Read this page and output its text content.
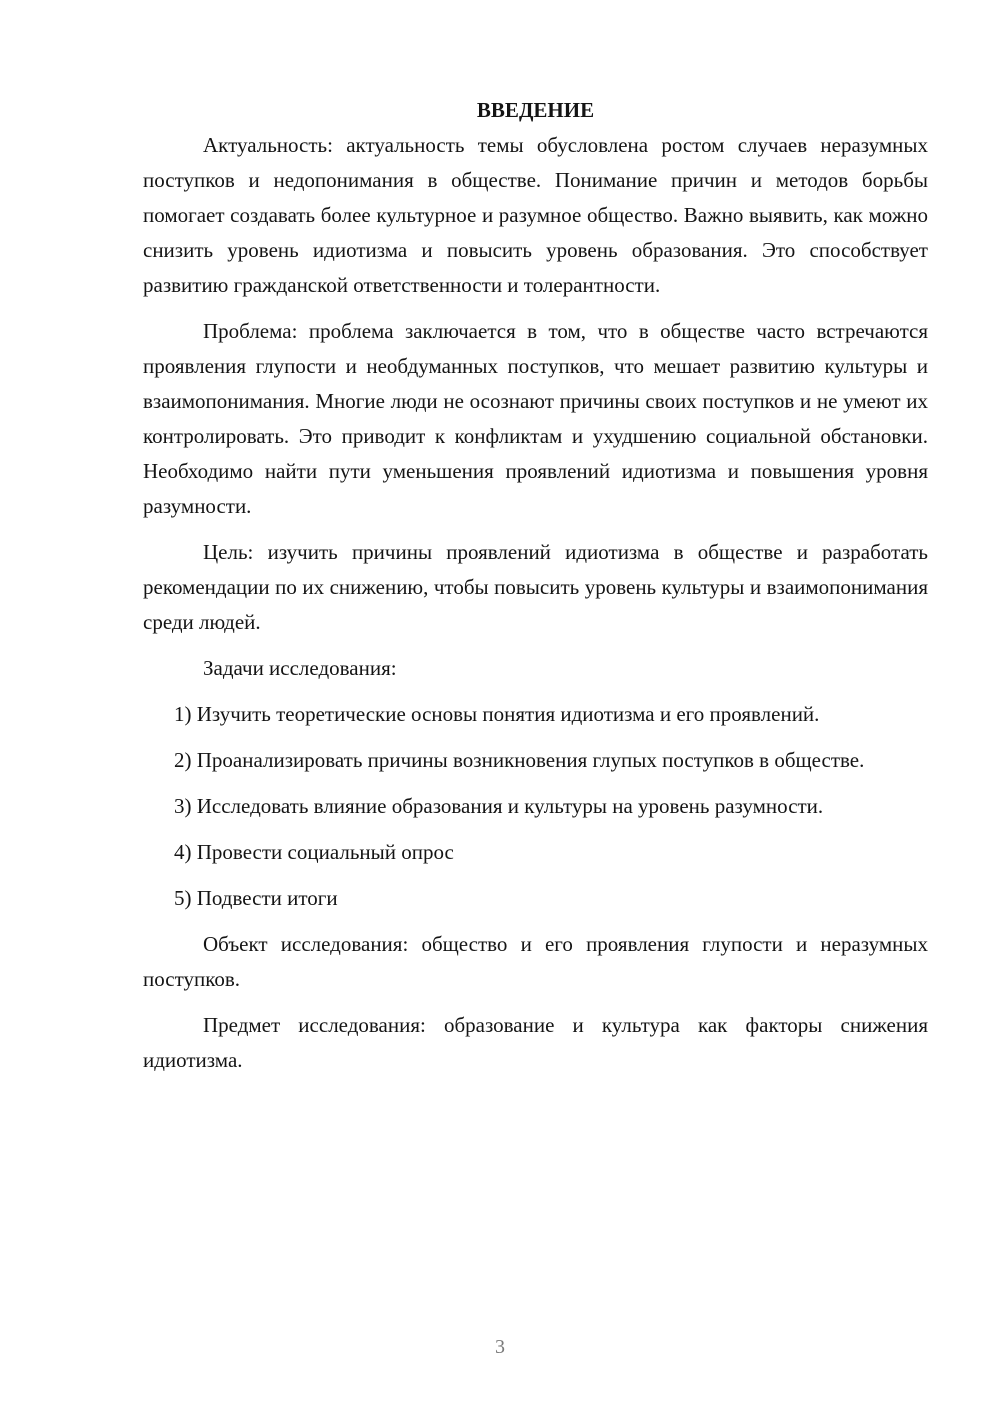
ВВЕДЕНИЕ

Актуальность: актуальность темы обусловлена ростом случаев неразумных поступков и недопонимания в обществе. Понимание причин и методов борьбы помогает создавать более культурное и разумное общество. Важно выявить, как можно снизить уровень идиотизма и повысить уровень образования. Это способствует развитию гражданской ответственности и толерантности.

Проблема: проблема заключается в том, что в обществе часто встречаются проявления глупости и необдуманных поступков, что мешает развитию культуры и взаимопонимания. Многие люди не осознают причины своих поступков и не умеют их контролировать. Это приводит к конфликтам и ухудшению социальной обстановки. Необходимо найти пути уменьшения проявлений идиотизма и повышения уровня разумности.

Цель: изучить причины проявлений идиотизма в обществе и разработать рекомендации по их снижению, чтобы повысить уровень культуры и взаимопонимания среди людей.

Задачи исследования:

1) Изучить теоретические основы понятия идиотизма и его проявлений.

2) Проанализировать причины возникновения глупых поступков в обществе.

3) Исследовать влияние образования и культуры на уровень разумности.

4) Провести социальный опрос

5) Подвести итоги

Объект исследования: общество и его проявления глупости и неразумных поступков.

Предмет исследования: образование и культура как факторы снижения идиотизма.

3
